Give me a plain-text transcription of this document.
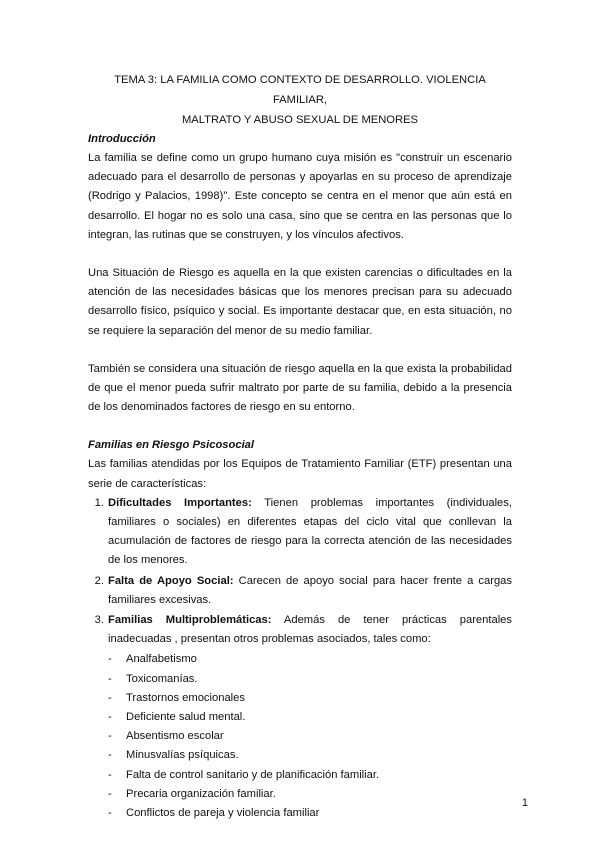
TEMA 3: LA FAMILIA COMO CONTEXTO DE DESARROLLO. VIOLENCIA FAMILIAR,
MALTRATO Y ABUSO SEXUAL DE MENORES
Introducción

La familia se define como un grupo humano cuya misión es "construir un escenario adecuado para el desarrollo de personas y apoyarlas en su proceso de aprendizaje (Rodrigo y Palacios, 1998)". Este concepto se centra en el menor que aún está en desarrollo. El hogar no es solo una casa, sino que se centra en las personas que lo integran, las rutinas que se construyen, y los vínculos afectivos.

Una Situación de Riesgo es aquella en la que existen carencias o dificultades en la atención de las necesidades básicas que los menores precisan para su adecuado desarrollo físico, psíquico y social. Es importante destacar que, en esta situación, no se requiere la separación del menor de su medio familiar.

También se considera una situación de riesgo aquella en la que exista la probabilidad de que el menor pueda sufrir maltrato por parte de su familia, debido a la presencia de los denominados factores de riesgo en su entorno.

Familias en Riesgo Psicosocial

Las familias atendidas por los Equipos de Tratamiento Familiar (ETF) presentan una serie de características:

1. Dificultades Importantes: Tienen problemas importantes (individuales, familiares o sociales) en diferentes etapas del ciclo vital que conllevan la acumulación de factores de riesgo para la correcta atención de las necesidades de los menores.
2. Falta de Apoyo Social: Carecen de apoyo social para hacer frente a cargas familiares excesivas.
3. Familias Multiproblemáticas: Además de tener prácticas parentales inadecuadas , presentan otros problemas asociados, tales como:
- Analfabetismo
- Toxicomanías.
- Trastornos emocionales
- Deficiente salud mental.
- Absentismo escolar
- Minusvalías psíquicas.
- Falta de control sanitario y de planificación familiar.
- Precaria organización familiar.
- Conflictos de pareja y violencia familiar
1
